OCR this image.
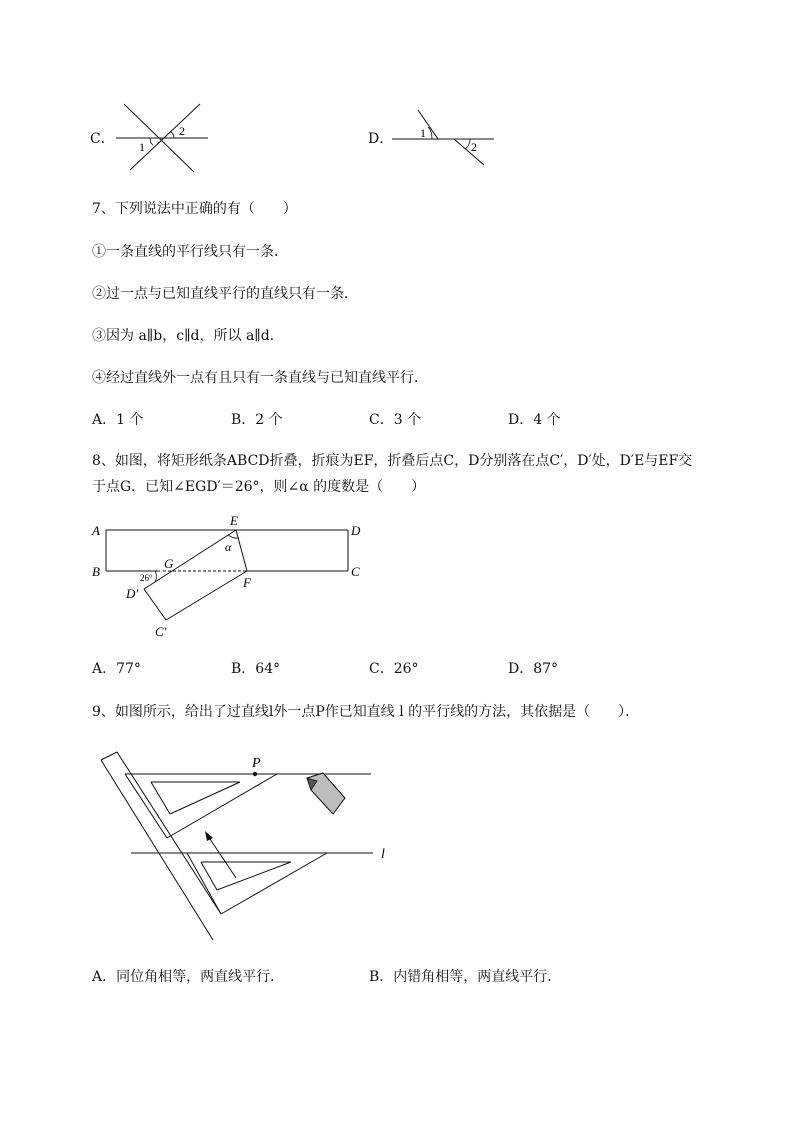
C．	2
1	D． 1
2
7、下列说法中正确的有（　　）
①一条直线的平行线只有一条．
②过一点与已知直线平行的直线只有一条．
③因为 a∥b，c∥d，所以 a∥d．
④经过直线外一点有且只有一条直线与已知直线平行．
A．1 个	B．2 个	C．3 个	D．4 个
8、如图，将矩形纸条ABCD折叠，折痕为EF，折叠后点C，D分别落在点C′，D′处，D′E与EF交
于点G．已知∠EGD′＝26°，则∠α 的度数是（　　）
A
B
D
C
E
F
G
D′
C′
α
26°
A．77°	B．64°	C．26°	D．87°
9、如图所示，给出了过直线l外一点P作已知直线 l 的平行线的方法，其依据是（　　）．
P
l
A．同位角相等，两直线平行．	B．内错角相等，两直线平行．
